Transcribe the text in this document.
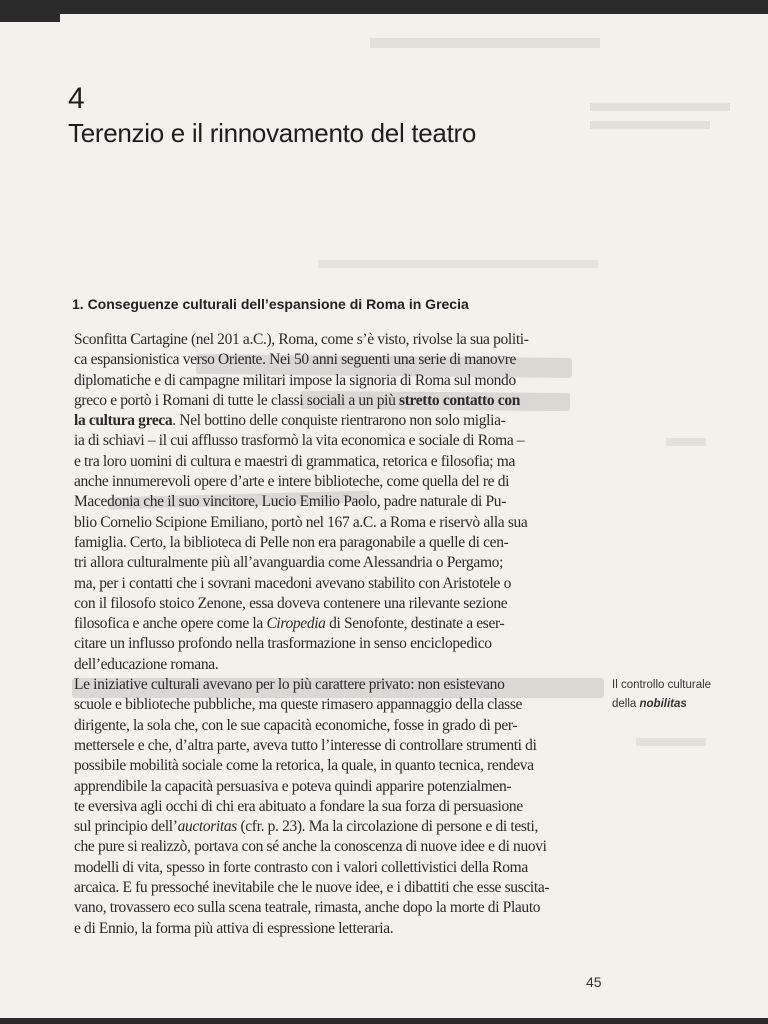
4
Terenzio e il rinnovamento del teatro
1. Conseguenze culturali dell’espansione di Roma in Grecia
Sconfitta Cartagine (nel 201 a.C.), Roma, come s’è visto, rivolse la sua politi-
ca espansionistica verso Oriente. Nei 50 anni seguenti una serie di manovre
diplomatiche e di campagne militari impose la signoria di Roma sul mondo
greco e portò i Romani di tutte le classi sociali a un più stretto contatto con
la cultura greca. Nel bottino delle conquiste rientrarono non solo miglia-
ia di schiavi – il cui afflusso trasformò la vita economica e sociale di Roma –
e tra loro uomini di cultura e maestri di grammatica, retorica e filosofia; ma
anche innumerevoli opere d’arte e intere biblioteche, come quella del re di
Macedonia che il suo vincitore, Lucio Emilio Paolo, padre naturale di Pu-
blio Cornelio Scipione Emiliano, portò nel 167 a.C. a Roma e riservò alla sua
famiglia. Certo, la biblioteca di Pelle non era paragonabile a quelle di cen-
tri allora culturalmente più all’avanguardia come Alessandria o Pergamo;
ma, per i contatti che i sovrani macedoni avevano stabilito con Aristotele o
con il filosofo stoico Zenone, essa doveva contenere una rilevante sezione
filosofica e anche opere come la Ciropedia di Senofonte, destinate a eser-
citare un influsso profondo nella trasformazione in senso enciclopedico
dell’educazione romana.
Le iniziative culturali avevano per lo più carattere privato: non esistevano
scuole e biblioteche pubbliche, ma queste rimasero appannaggio della classe
dirigente, la sola che, con le sue capacità economiche, fosse in grado di per-
mettersele e che, d’altra parte, aveva tutto l’interesse di controllare strumenti di
possibile mobilità sociale come la retorica, la quale, in quanto tecnica, rendeva
apprendibile la capacità persuasiva e poteva quindi apparire potenzialmen-
te eversiva agli occhi di chi era abituato a fondare la sua forza di persuasione
sul principio dell’auctoritas (cfr. p. 23). Ma la circolazione di persone e di testi,
che pure si realizzò, portava con sé anche la conoscenza di nuove idee e di nuovi
modelli di vita, spesso in forte contrasto con i valori collettivistici della Roma
arcaica. E fu pressoché inevitabile che le nuove idee, e i dibattiti che esse suscita-
vano, trovassero eco sulla scena teatrale, rimasta, anche dopo la morte di Plauto
e di Ennio, la forma più attiva di espressione letteraria.
Il controllo culturale
della nobilitas
45
